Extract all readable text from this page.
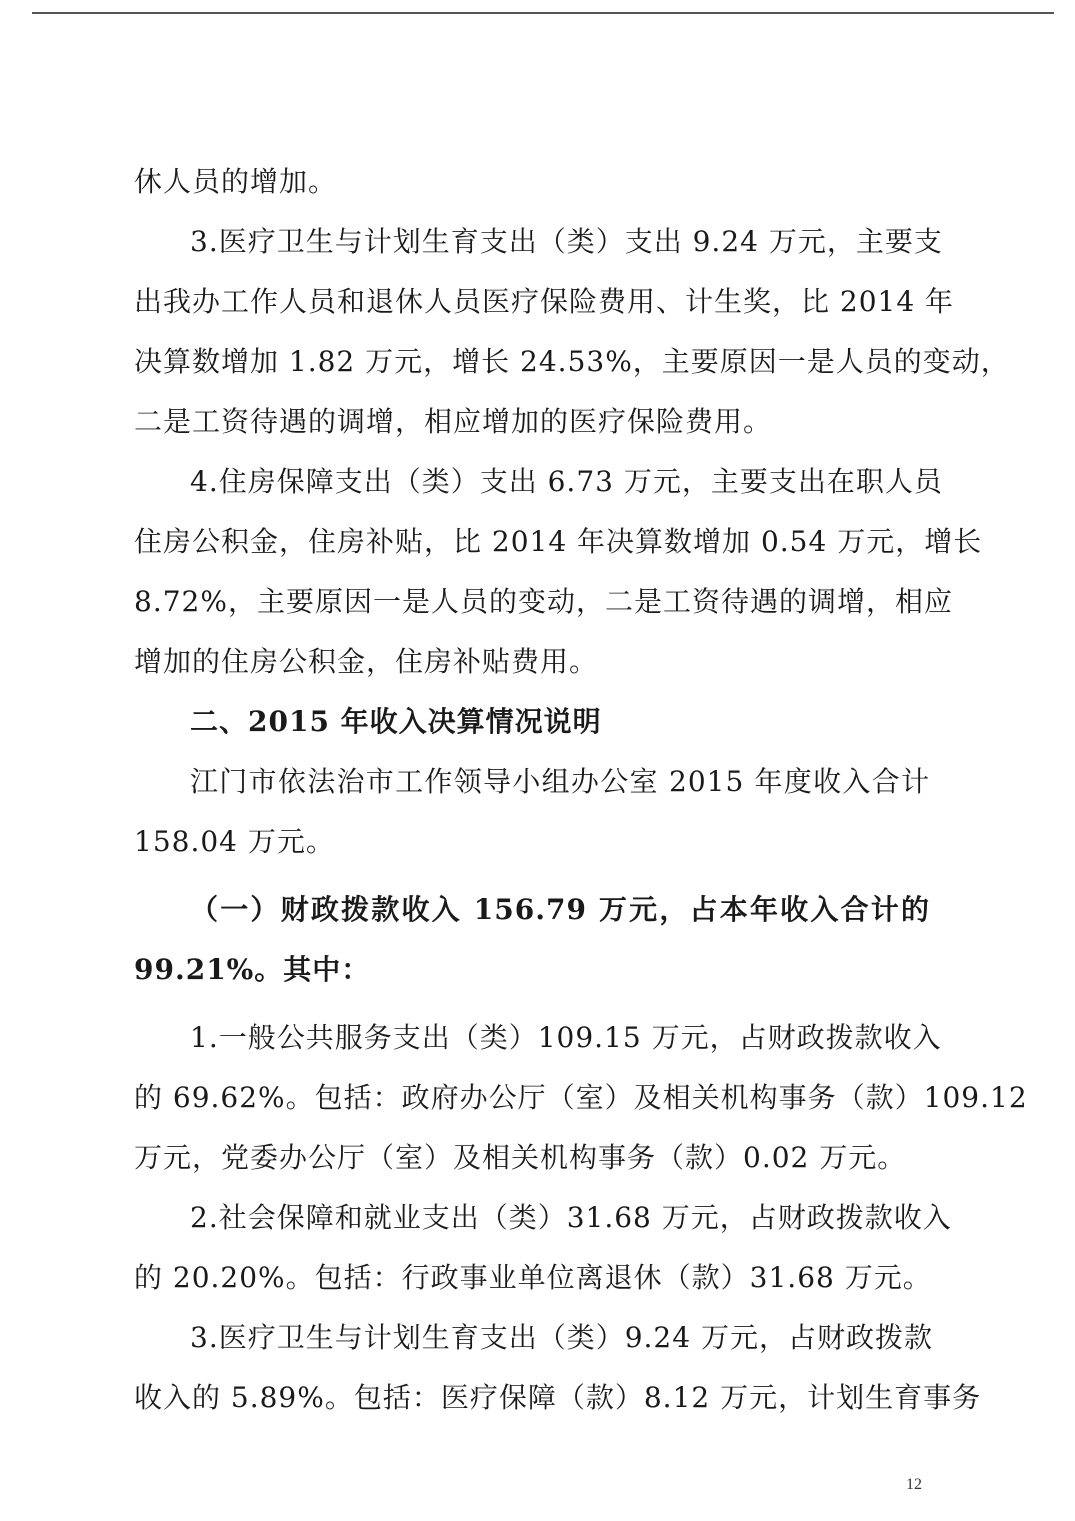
休人员的增加。
3.医疗卫生与计划生育支出（类）支出 9.24 万元，主要支
出我办工作人员和退休人员医疗保险费用、计生奖，比 2014 年
决算数增加 1.82 万元，增长 24.53%，主要原因一是人员的变动，
二是工资待遇的调增，相应增加的医疗保险费用。
4.住房保障支出（类）支出 6.73 万元，主要支出在职人员
住房公积金，住房补贴，比 2014 年决算数增加 0.54 万元，增长
8.72%，主要原因一是人员的变动，二是工资待遇的调增，相应
增加的住房公积金，住房补贴费用。
二、2015 年收入决算情况说明
江门市依法治市工作领导小组办公室 2015 年度收入合计
158.04 万元。
（一）财政拨款收入 156.79 万元，占本年收入合计的
99.21%。其中：
1.一般公共服务支出（类）109.15 万元，占财政拨款收入
的 69.62%。包括：政府办公厅（室）及相关机构事务（款）109.12
万元，党委办公厅（室）及相关机构事务（款）0.02 万元。
2.社会保障和就业支出（类）31.68 万元，占财政拨款收入
的 20.20%。包括：行政事业单位离退休（款）31.68 万元。
3.医疗卫生与计划生育支出（类）9.24 万元，占财政拨款
收入的 5.89%。包括：医疗保障（款）8.12 万元，计划生育事务
12
